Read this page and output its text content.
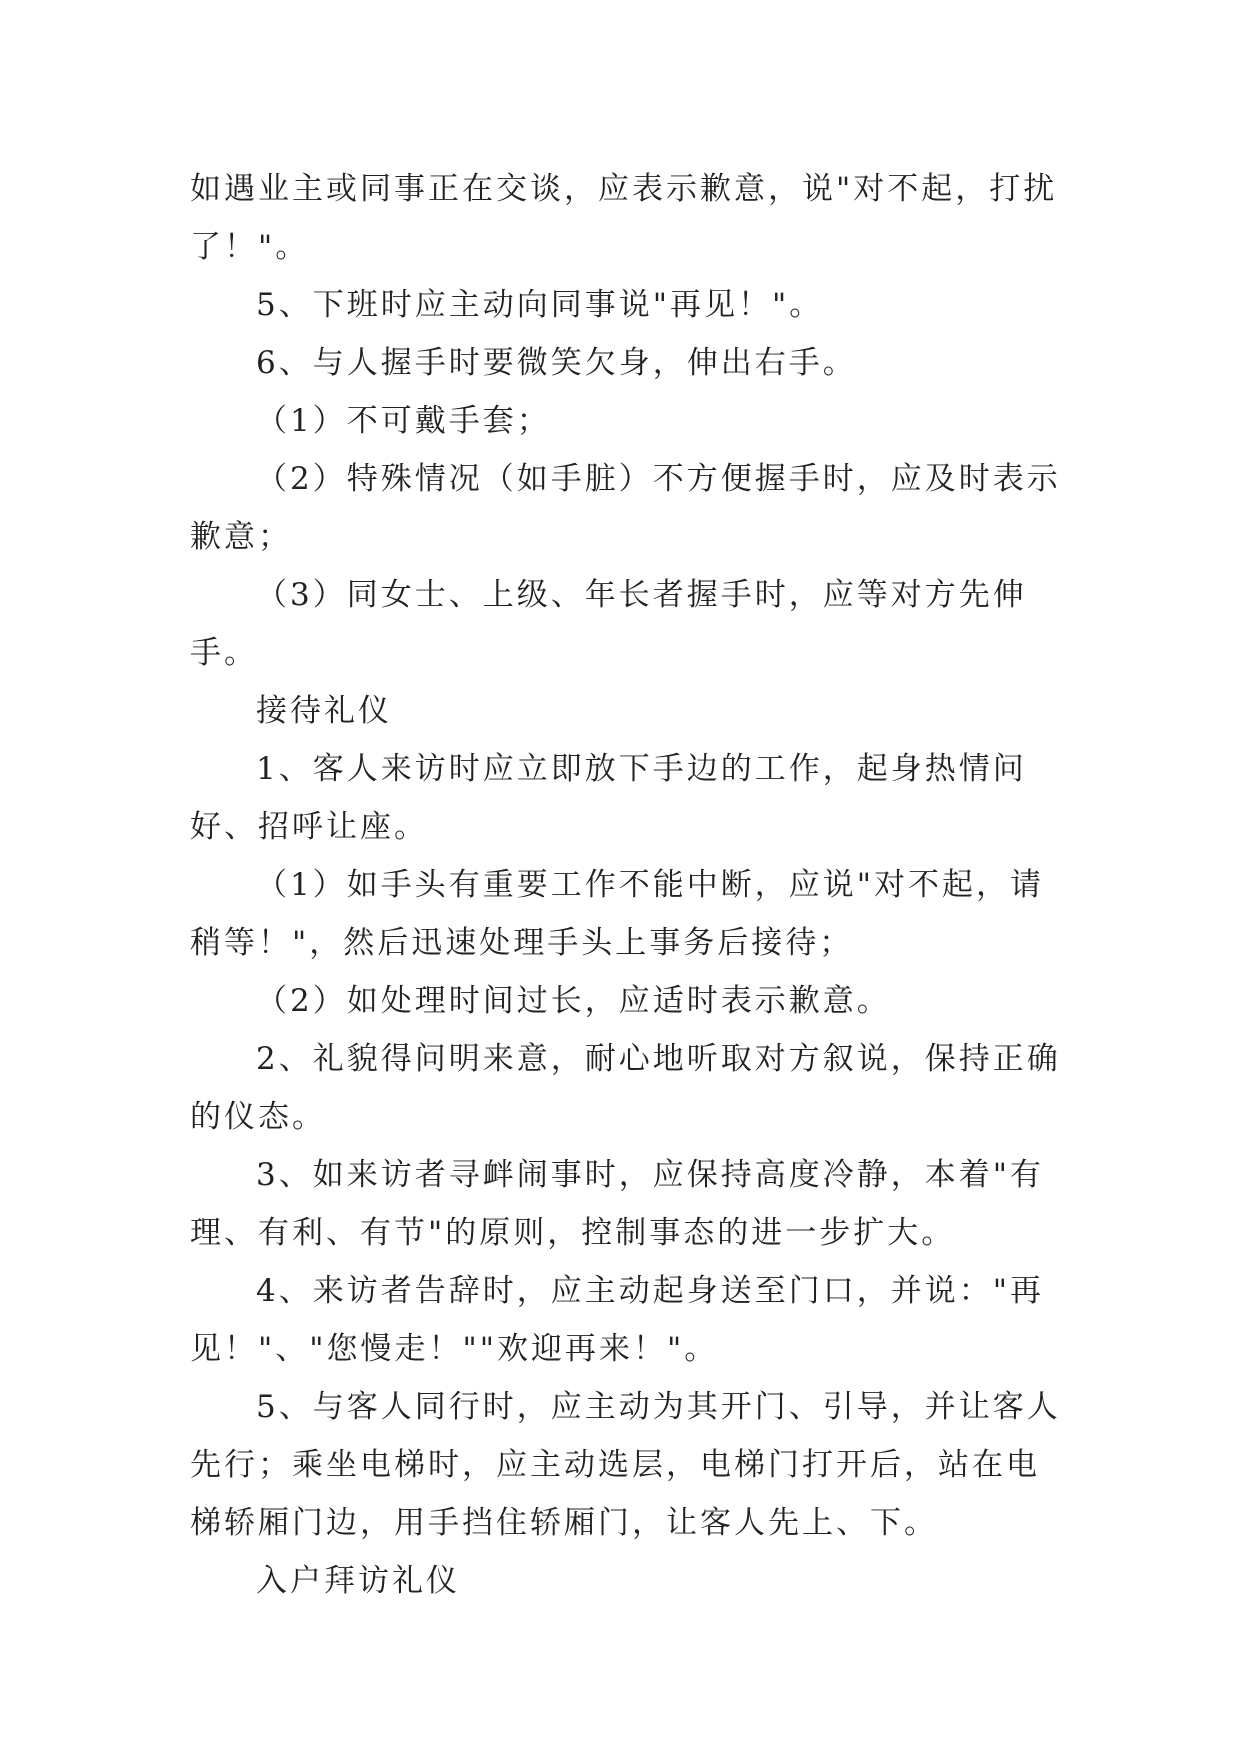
如遇业主或同事正在交谈，应表示歉意，说"对不起，打扰了！"。

5、下班时应主动向同事说"再见！"。

6、与人握手时要微笑欠身，伸出右手。

（1）不可戴手套；

（2）特殊情况（如手脏）不方便握手时，应及时表示歉意；

（3）同女士、上级、年长者握手时，应等对方先伸手。

接待礼仪

1、客人来访时应立即放下手边的工作，起身热情问好、招呼让座。

（1）如手头有重要工作不能中断，应说"对不起，请稍等！"，然后迅速处理手头上事务后接待；

（2）如处理时间过长，应适时表示歉意。

2、礼貌得问明来意，耐心地听取对方叙说，保持正确的仪态。

3、如来访者寻衅闹事时，应保持高度冷静，本着"有理、有利、有节"的原则，控制事态的进一步扩大。

4、来访者告辞时，应主动起身送至门口，并说："再见！"、"您慢走！""欢迎再来！"。

5、与客人同行时，应主动为其开门、引导，并让客人先行；乘坐电梯时，应主动选层，电梯门打开后，站在电梯轿厢门边，用手挡住轿厢门，让客人先上、下。

入户拜访礼仪
